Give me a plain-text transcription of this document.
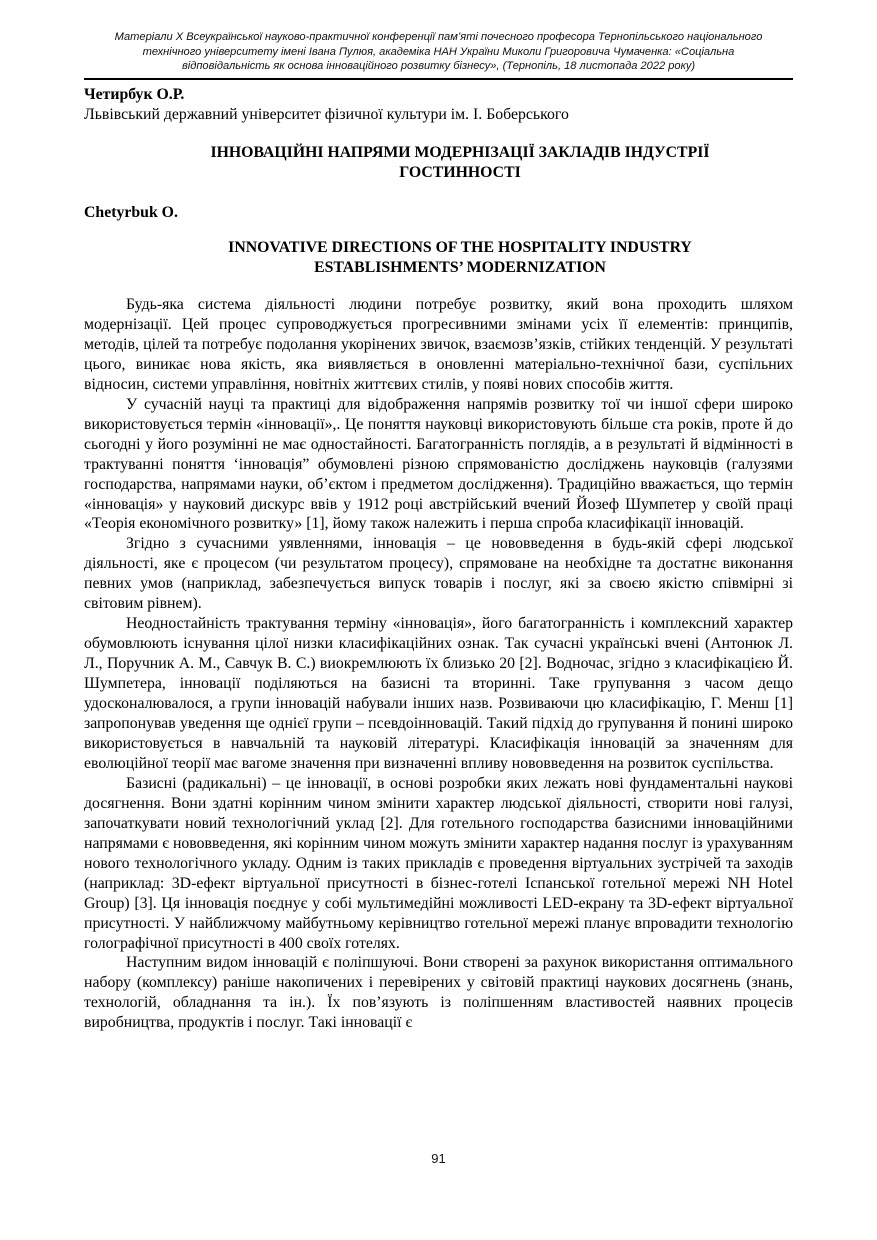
Матеріали X Всеукраїнської науково-практичної конференції пам’яті почесного професора Тернопільського національного
технічного університету імені Івана Пулюя, академіка НАН України Миколи Григоровича Чумаченка: «Соціальна
відповідальність як основа інноваційного розвитку бізнесу», (Тернопіль, 18 листопада 2022 року)
Четирбук О.Р.
Львівський державний університет фізичної культури ім. І. Боберського
ІННОВАЦІЙНІ НАПРЯМИ МОДЕРНІЗАЦІЇ ЗАКЛАДІВ ІНДУСТРІЇ ГОСТИННОСТІ
Chetyrbuk O.
INNOVATIVE DIRECTIONS OF THE HOSPITALITY INDUSTRY ESTABLISHMENTS’ MODERNIZATION

Будь-яка система діяльності людини потребує розвитку, який вона проходить шляхом модернізації. Цей процес супроводжується прогресивними змінами усіх її елементів: принципів, методів, цілей та потребує подолання укорінених звичок, взаємозв’язків, стійких тенденцій. У результаті цього, виникає нова якість, яка виявляється в оновленні матеріально-технічної бази, суспільних відносин, системи управління, новітніх життєвих стилів, у появі нових способів життя.

У сучасній науці та практиці для відображення напрямів розвитку тої чи іншої сфери широко використовується термін «інновації»,. Це поняття науковці використовують більше ста років, проте й до сьогодні у його розумінні не має одностайності. Багатогранність поглядів, а в результаті й відмінності в трактуванні поняття ‘інновація” обумовлені різною спрямованістю досліджень науковців (галузями господарства, напрямами науки, об’єктом і предметом дослідження). Традиційно вважається, що термін «інновація» у науковий дискурс ввів у 1912 році австрійський вчений Йозеф Шумпетер у своїй праці «Теорія економічного розвитку» [1], йому також належить і перша спроба класифікації інновацій.

Згідно з сучасними уявленнями, інновація – це нововведення в будь-якій сфері людської діяльності, яке є процесом (чи результатом процесу), спрямоване на необхідне та достатнє виконання певних умов (наприклад, забезпечується випуск товарів і послуг, які за своєю якістю співмірні зі світовим рівнем).

Неодностайність трактування терміну «інновація», його багатогранність і комплексний характер обумовлюють існування цілої низки класифікаційних ознак. Так сучасні українські вчені (Антонюк Л. Л., Поручник А. М., Савчук В. С.) виокремлюють їх близько 20 [2]. Водночас, згідно з класифікацією Й. Шумпетера, інновації поділяються на базисні та вторинні. Таке групування з часом дещо удосконалювалося, а групи інновацій набували інших назв. Розвиваючи цю класифікацію, Г. Менш [1] запропонував уведення ще однієї групи – псевдоінновацій. Такий підхід до групування й понині широко використовується в навчальній та науковій літературі. Класифікація інновацій за значенням для еволюційної теорії має вагоме значення при визначенні впливу нововведення на розвиток суспільства.

Базисні (радикальні) – це інновації, в основі розробки яких лежать нові фундаментальні наукові досягнення. Вони здатні корінним чином змінити характер людської діяльності, створити нові галузі, започаткувати новий технологічний уклад [2]. Для готельного господарства базисними інноваційними напрямами є нововведення, які корінним чином можуть змінити характер надання послуг із урахуванням нового технологічного укладу. Одним із таких прикладів є проведення віртуальних зустрічей та заходів (наприклад: 3D-ефект віртуальної присутності в бізнес-готелі Іспанської готельної мережі NH Hotel Group) [3]. Ця інновація поєднує у собі мультимедійні можливості LED-екрану та 3D-ефект віртуальної присутності. У найближчому майбутньому керівництво готельної мережі планує впровадити технологію голографічної присутності в 400 своїх готелях.

Наступним видом інновацій є поліпшуючі. Вони створені за рахунок використання оптимального набору (комплексу) раніше накопичених і перевірених у світовій практиці наукових досягнень (знань, технологій, обладнання та ін.). Їх пов’язують із поліпшенням властивостей наявних процесів виробництва, продуктів і послуг. Такі інновації є

91
